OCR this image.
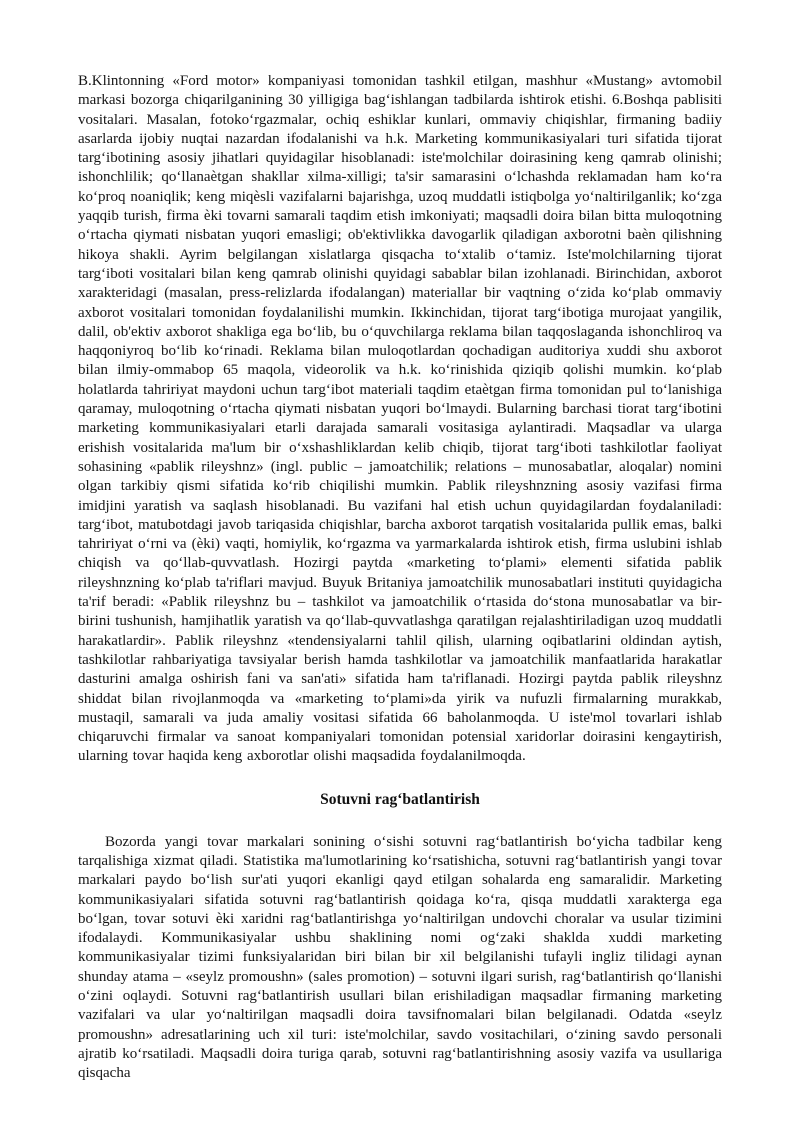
B.Klintonning «Ford motor» kompaniyasi tomonidan tashkil etilgan, mashhur «Mustang» avtomobil markasi bozorga chiqarilganining 30 yilligiga bag‘ishlangan tadbilarda ishtirok etishi. 6.Boshqa pablisiti vositalari. Masalan, fotoko‘rgazmalar, ochiq eshiklar kunlari, ommaviy chiqishlar, firmaning badiiy asarlarda ijobiy nuqtai nazardan ifodalanishi va h.k. Marketing kommunikasiyalari turi sifatida tijorat targ‘ibotining asosiy jihatlari quyidagilar hisoblanadi: iste'molchilar doirasining keng qamrab olinishi; ishonchlilik; qo‘llanaètgan shakllar xilma-xilligi; ta'sir samarasini o‘lchashda reklamadan ham ko‘ra ko‘proq noaniqlik; keng miqèsli vazifalarni bajarishga, uzoq muddatli istiqbolga yo‘naltirilganlik; ko‘zga yaqqib turish, firma èki tovarni samarali taqdim etish imkoniyati; maqsadli doira bilan bitta muloqotning o‘rtacha qiymati nisbatan yuqori emasligi; ob'ektivlikka davogarlik qiladigan axborotni baèn qilishning hikoya shakli. Ayrim belgilangan xislatlarga qisqacha to‘xtalib o‘tamiz. Iste'molchilarning tijorat targ‘iboti vositalari bilan keng qamrab olinishi quyidagi sabablar bilan izohlanadi. Birinchidan, axborot xarakteridagi (masalan, press-relizlarda ifodalangan) materiallar bir vaqtning o‘zida ko‘plab ommaviy axborot vositalari tomonidan foydalanilishi mumkin. Ikkinchidan, tijorat targ‘ibotiga murojaat yangilik, dalil, ob'ektiv axborot shakliga ega bo‘lib, bu o‘quvchilarga reklama bilan taqqoslaganda ishonchliroq va haqqoniyroq bo‘lib ko‘rinadi. Reklama bilan muloqotlardan qochadigan auditoriya xuddi shu axborot bilan ilmiy-ommabop 65 maqola, videorolik va h.k. ko‘rinishida qiziqib qolishi mumkin. ko‘plab holatlarda tahririyat maydoni uchun targ‘ibot materiali taqdim etaètgan firma tomonidan pul to‘lanishiga qaramay, muloqotning o‘rtacha qiymati nisbatan yuqori bo‘lmaydi. Bularning barchasi tiorat targ‘ibotini marketing kommunikasiyalari etarli darajada samarali vositasiga aylantiradi. Maqsadlar va ularga erishish vositalarida ma'lum bir o‘xshashliklardan kelib chiqib, tijorat targ‘iboti tashkilotlar faoliyat sohasining «pablik rileyshnz» (ingl. public – jamoatchilik; relations – munosabatlar, aloqalar) nomini olgan tarkibiy qismi sifatida ko‘rib chiqilishi mumkin. Pablik rileyshnzning asosiy vazifasi firma imidjini yaratish va saqlash hisoblanadi. Bu vazifani hal etish uchun quyidagilardan foydalaniladi: targ‘ibot, matubotdagi javob tariqasida chiqishlar, barcha axborot tarqatish vositalarida pullik emas, balki tahririyat o‘rni va (èki) vaqti, homiylik, ko‘rgazma va yarmarkalarda ishtirok etish, firma uslubini ishlab chiqish va qo‘llab-quvvatlash. Hozirgi paytda «marketing to‘plami» elementi sifatida pablik rileyshnzning ko‘plab ta'riflari mavjud. Buyuk Britaniya jamoatchilik munosabatlari instituti quyidagicha ta'rif beradi: «Pablik rileyshnz bu – tashkilot va jamoatchilik o‘rtasida do‘stona munosabatlar va bir-birini tushunish, hamjihatlik yaratish va qo‘llab-quvvatlashga qaratilgan rejalashtiriladigan uzoq muddatli harakatlardir». Pablik rileyshnz «tendensiyalarni tahlil qilish, ularning oqibatlarini oldindan aytish, tashkilotlar rahbariyatiga tavsiyalar berish hamda tashkilotlar va jamoatchilik manfaatlarida harakatlar dasturini amalga oshirish fani va san'ati» sifatida ham ta'riflanadi. Hozirgi paytda pablik rileyshnz shiddat bilan rivojlanmoqda va «marketing to‘plami»da yirik va nufuzli firmalarning murakkab, mustaqil, samarali va juda amaliy vositasi sifatida 66 baholanmoqda. U iste'mol tovarlari ishlab chiqaruvchi firmalar va sanoat kompaniyalari tomonidan potensial xaridorlar doirasini kengaytirish, ularning tovar haqida keng axborotlar olishi maqsadida foydalanilmoqda.

Sotuvni rag‘batlantirish

Bozorda yangi tovar markalari sonining o‘sishi sotuvni rag‘batlantirish bo‘yicha tadbilar keng tarqalishiga xizmat qiladi. Statistika ma'lumotlarining ko‘rsatishicha, sotuvni rag‘batlantirish yangi tovar markalari paydo bo‘lish sur'ati yuqori ekanligi qayd etilgan sohalarda eng samaralidir. Marketing kommunikasiyalari sifatida sotuvni rag‘batlantirish qoidaga ko‘ra, qisqa muddatli xarakterga ega bo‘lgan, tovar sotuvi èki xaridni rag‘batlantirishga yo‘naltirilgan undovchi choralar va usular tizimini ifodalaydi. Kommunikasiyalar ushbu shaklining nomi og‘zaki shaklda xuddi marketing kommunikasiyalar tizimi funksiyalaridan biri bilan bir xil belgilanishi tufayli ingliz tilidagi aynan shunday atama – «seylz promoushn» (sales promotion) – sotuvni ilgari surish, rag‘batlantirish qo‘llanishi o‘zini oqlaydi. Sotuvni rag‘batlantirish usullari bilan erishiladigan maqsadlar firmaning marketing vazifalari va ular yo‘naltirilgan maqsadli doira tavsifnomalari bilan belgilanadi. Odatda «seylz promoushn» adresatlarining uch xil turi: iste'molchilar, savdo vositachilari, o‘zining savdo personali ajratib ko‘rsatiladi. Maqsadli doira turiga qarab, sotuvni rag‘batlantirishning asosiy vazifa va usullariga qisqacha
